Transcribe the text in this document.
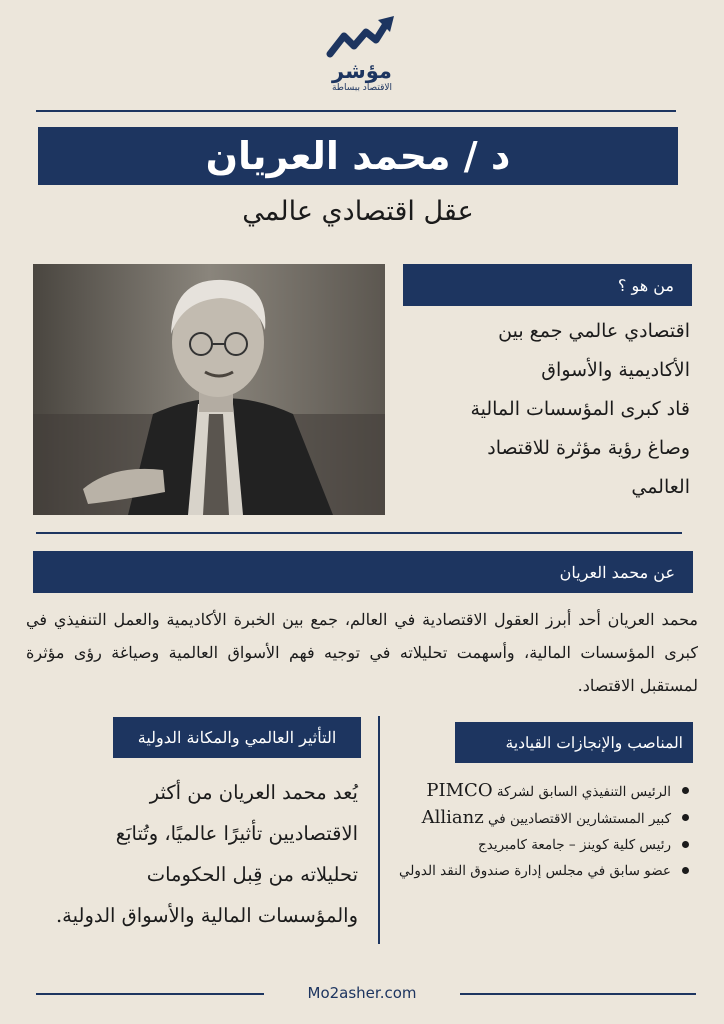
مؤشر
الاقتصاد ببساطة
د / محمد العريان
عقل اقتصادي عالمي
من هو ؟
اقتصادي عالمي جمع بين
الأكاديمية والأسواق
قاد كبرى المؤسسات المالية
وصاغ رؤية مؤثرة للاقتصاد
العالمي
عن محمد العريان
محمد العريان أحد أبرز العقول الاقتصادية في العالم، جمع بين الخبرة الأكاديمية والعمل التنفيذي في كبرى المؤسسات المالية، وأسهمت تحليلاته في توجيه فهم الأسواق العالمية وصياغة رؤى مؤثرة لمستقبل الاقتصاد.
المناصب والإنجازات القيادية
الرئيس التنفيذي السابق لشركة PIMCO
كبير المستشارين الاقتصاديين في Allianz
رئيس كلية كوينز – جامعة كامبريدج
عضو سابق في مجلس إدارة صندوق النقد الدولي
التأثير العالمي والمكانة الدولية
يُعد محمد العريان من أكثر
الاقتصاديين تأثيرًا عالميًا، وتُتابَع
تحليلاته من قِبل الحكومات
والمؤسسات المالية والأسواق الدولية.
Mo2asher.com
